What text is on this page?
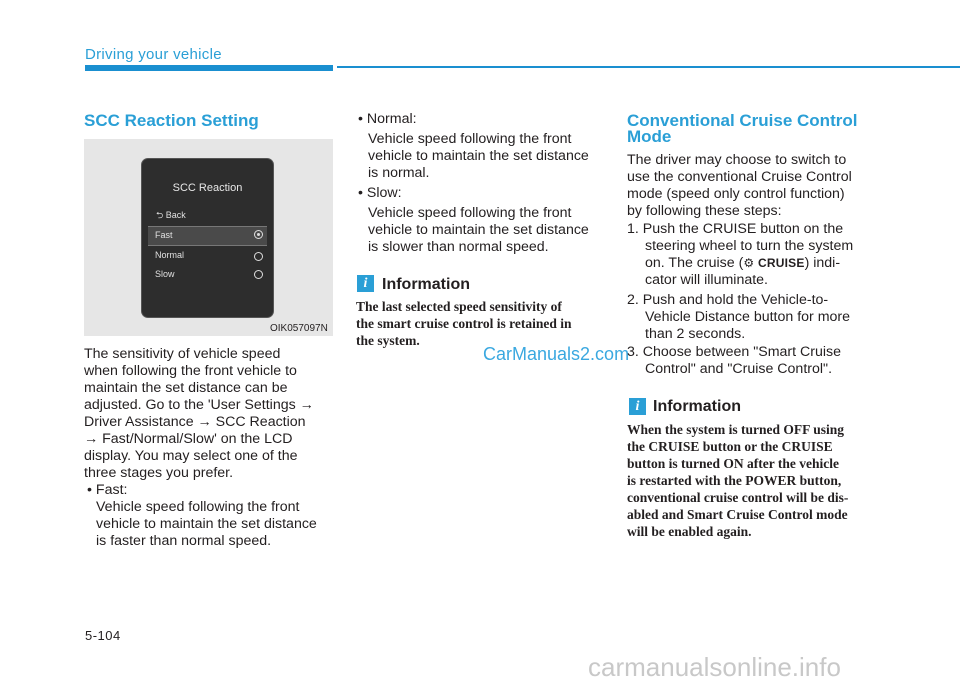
Driving your vehicle
SCC Reaction Setting
SCC Reaction
⮌ Back
Fast
Normal
Slow
OIK057097N

The sensitivity of vehicle speed

when following the front vehicle to

maintain the set distance can be

adjusted. Go to the 'User Settings →

Driver Assistance → SCC Reaction

→ Fast/Normal/Slow' on the LCD

display. You may select one of the

three stages you prefer.

• Fast:
Vehicle speed following the front
vehicle to maintain the set distance
is faster than normal speed.
• Normal:
Vehicle speed following the front
vehicle to maintain the set distance
is normal.
• Slow:
Vehicle speed following the front
vehicle to maintain the set distance
is slower than normal speed.
i Information

The last selected speed sensitivity of

the smart cruise control is retained in

the system.

CarManuals2.com
Conventional Cruise Control
Mode

The driver may choose to switch to

use the conventional Cruise Control

mode (speed only control function)

by following these steps:

1. Push the CRUISE button on the
steering wheel to turn the system
on. The cruise (⚙ CRUISE) indi-
cator will illuminate.
2. Push and hold the Vehicle-to-
Vehicle Distance button for more
than 2 seconds.
3. Choose between "Smart Cruise
Control" and "Cruise Control".
i Information

When the system is turned OFF using

the CRUISE button or the CRUISE

button is turned ON after the vehicle

is restarted with the POWER button,

conventional cruise control will be dis-

abled and Smart Cruise Control mode

will be enabled again.

5-104
carmanualsonline.info
